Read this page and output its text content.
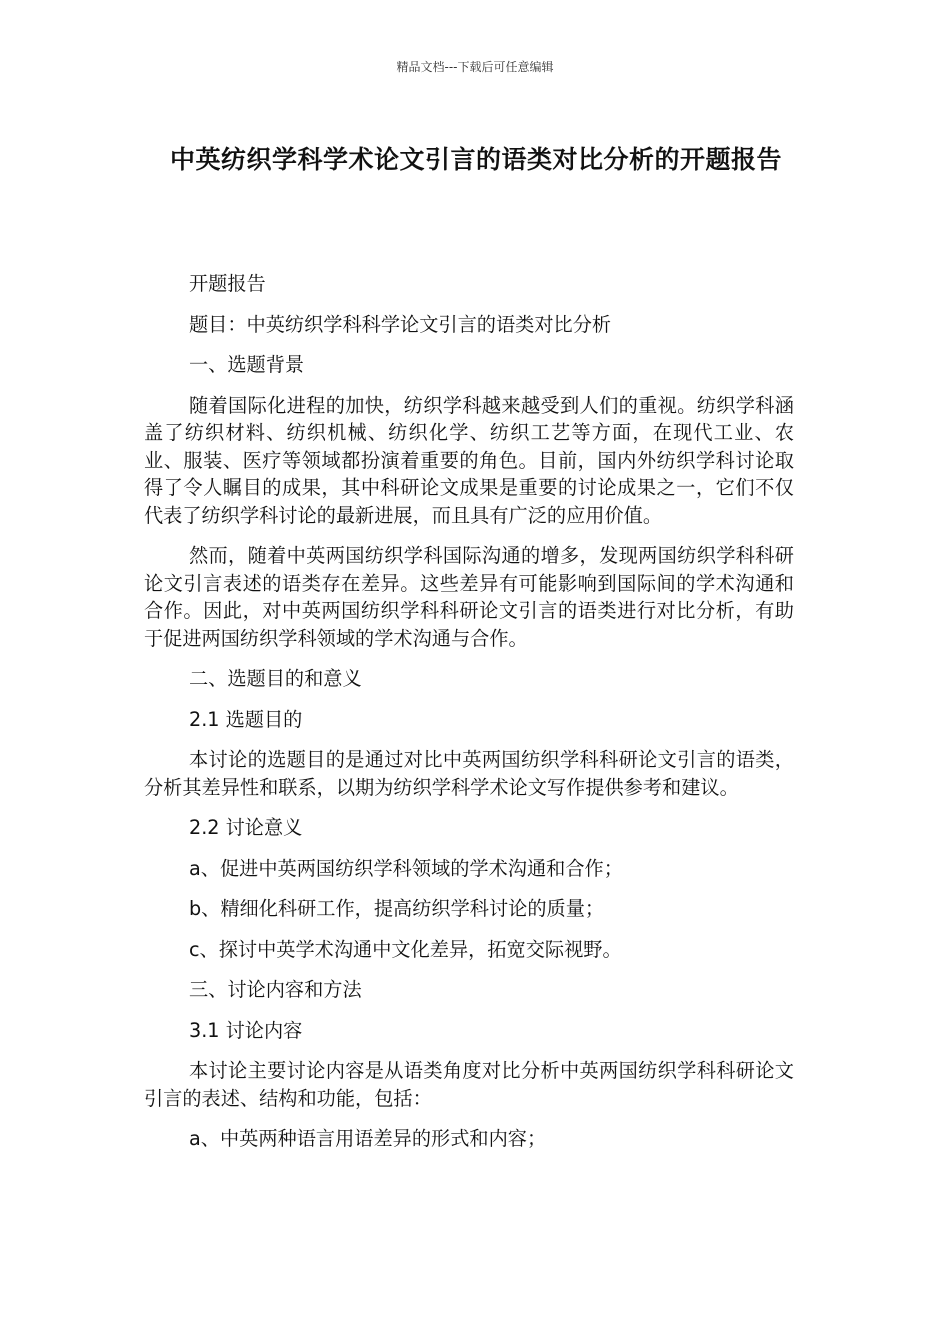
精品文档---下载后可任意编辑
中英纺织学科学术论文引言的语类对比分析的开题报告

开题报告

题目：中英纺织学科科学论文引言的语类对比分析

一、选题背景

随着国际化进程的加快，纺织学科越来越受到人们的重视。纺织学科涵盖了纺织材料、纺织机械、纺织化学、纺织工艺等方面，在现代工业、农业、服装、医疗等领域都扮演着重要的角色。目前，国内外纺织学科讨论取得了令人瞩目的成果，其中科研论文成果是重要的讨论成果之一，它们不仅代表了纺织学科讨论的最新进展，而且具有广泛的应用价值。

然而，随着中英两国纺织学科国际沟通的增多，发现两国纺织学科科研论文引言表述的语类存在差异。这些差异有可能影响到国际间的学术沟通和合作。因此，对中英两国纺织学科科研论文引言的语类进行对比分析，有助于促进两国纺织学科领域的学术沟通与合作。

二、选题目的和意义

2.1 选题目的

本讨论的选题目的是通过对比中英两国纺织学科科研论文引言的语类，分析其差异性和联系，以期为纺织学科学术论文写作提供参考和建议。

2.2 讨论意义

a、促进中英两国纺织学科领域的学术沟通和合作；

b、精细化科研工作，提高纺织学科讨论的质量；

c、探讨中英学术沟通中文化差异，拓宽交际视野。

三、讨论内容和方法

3.1 讨论内容

本讨论主要讨论内容是从语类角度对比分析中英两国纺织学科科研论文引言的表述、结构和功能，包括：

a、中英两种语言用语差异的形式和内容；
